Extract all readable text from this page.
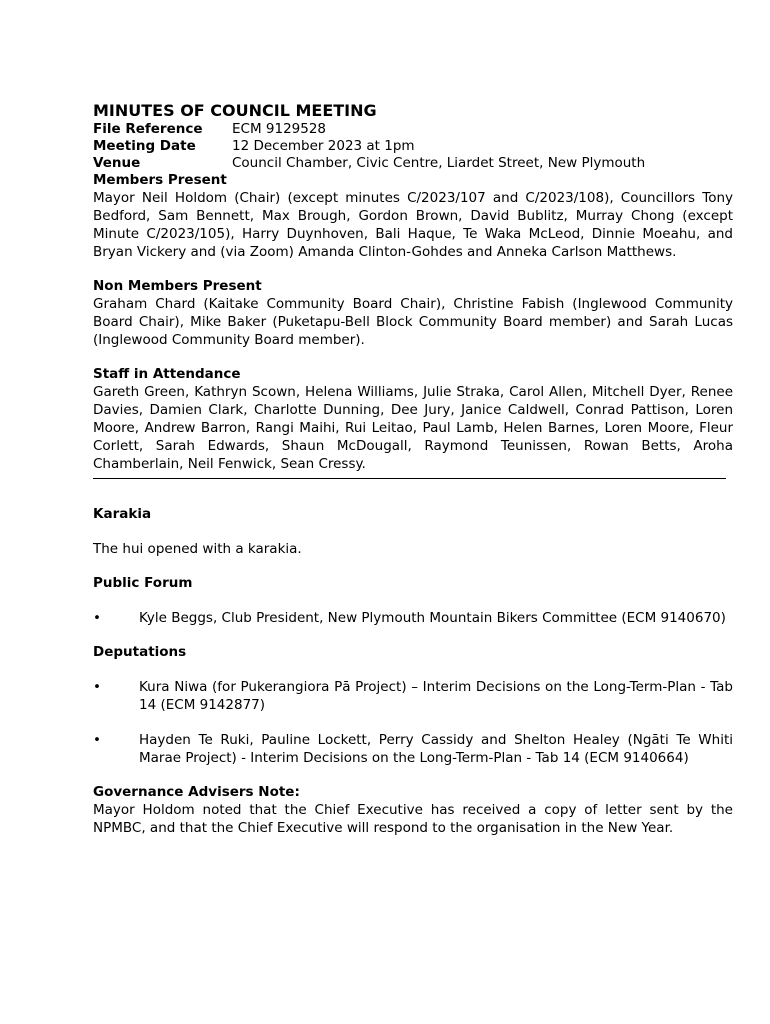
MINUTES OF COUNCIL MEETING
File Reference	ECM 9129528
Meeting Date	12 December 2023 at 1pm
Venue	Council Chamber, Civic Centre, Liardet Street, New Plymouth
Members Present

Mayor Neil Holdom (Chair) (except minutes C/2023/107 and C/2023/108), Councillors Tony Bedford, Sam Bennett, Max Brough, Gordon Brown, David Bublitz, Murray Chong (except Minute C/2023/105), Harry Duynhoven, Bali Haque, Te Waka McLeod, Dinnie Moeahu, and Bryan Vickery and (via Zoom) Amanda Clinton-Gohdes and Anneka Carlson Matthews.

Non Members Present

Graham Chard (Kaitake Community Board Chair), Christine Fabish (Inglewood Community Board Chair), Mike Baker (Puketapu-Bell Block Community Board member) and Sarah Lucas (Inglewood Community Board member).

Staff in Attendance

Gareth Green, Kathryn Scown, Helena Williams, Julie Straka, Carol Allen, Mitchell Dyer, Renee Davies, Damien Clark, Charlotte Dunning, Dee Jury, Janice Caldwell, Conrad Pattison, Loren Moore, Andrew Barron, Rangi Maihi, Rui Leitao, Paul Lamb, Helen Barnes, Loren Moore, Fleur Corlett, Sarah Edwards, Shaun McDougall, Raymond Teunissen, Rowan Betts, Aroha Chamberlain, Neil Fenwick, Sean Cressy.

Karakia

The hui opened with a karakia.

Public Forum
•	Kyle Beggs, Club President, New Plymouth Mountain Bikers Committee (ECM 9140670)
Deputations
•	Kura Niwa (for Pukerangiora Pā Project) – Interim Decisions on the Long-Term-Plan - Tab 14 (ECM 9142877)
•	Hayden Te Ruki, Pauline Lockett, Perry Cassidy and Shelton Healey (Ngāti Te Whiti Marae Project) - Interim Decisions on the Long-Term-Plan - Tab 14 (ECM 9140664)
Governance Advisers Note:

Mayor Holdom noted that the Chief Executive has received a copy of letter sent by the NPMBC, and that the Chief Executive will respond to the organisation in the New Year.
